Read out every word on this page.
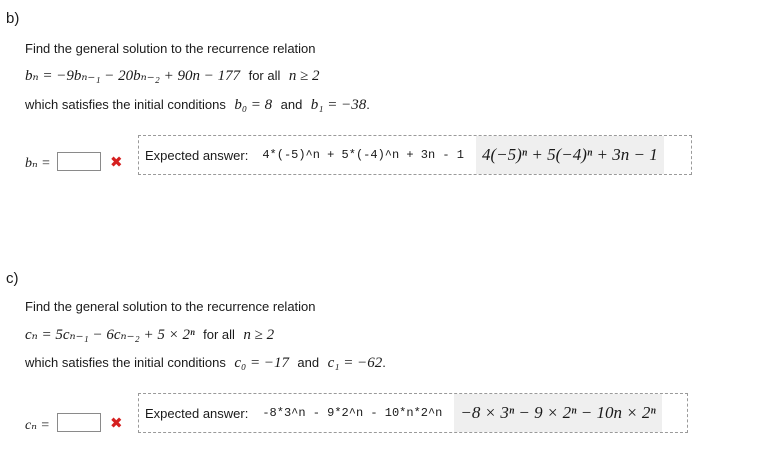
b)
Find the general solution to the recurrence relation
bₙ = −9bₙ₋₁ − 20bₙ₋₂ + 90n − 177 for all n ≥ 2
which satisfies the initial conditions b₀ = 8 and b₁ = −38.
bₙ =	✖ Expected answer: 4*(-5)^n + 5*(-4)^n + 3n - 1	4(−5)ⁿ + 5(−4)ⁿ + 3n − 1
c)
Find the general solution to the recurrence relation
cₙ = 5cₙ₋₁ − 6cₙ₋₂ + 5 × 2ⁿ for all n ≥ 2
which satisfies the initial conditions c₀ = −17 and c₁ = −62.
cₙ =	✖
Expected answer: -8*3^n - 9*2^n - 10*n*2^n	−8 × 3ⁿ − 9 × 2ⁿ − 10n × 2ⁿ
